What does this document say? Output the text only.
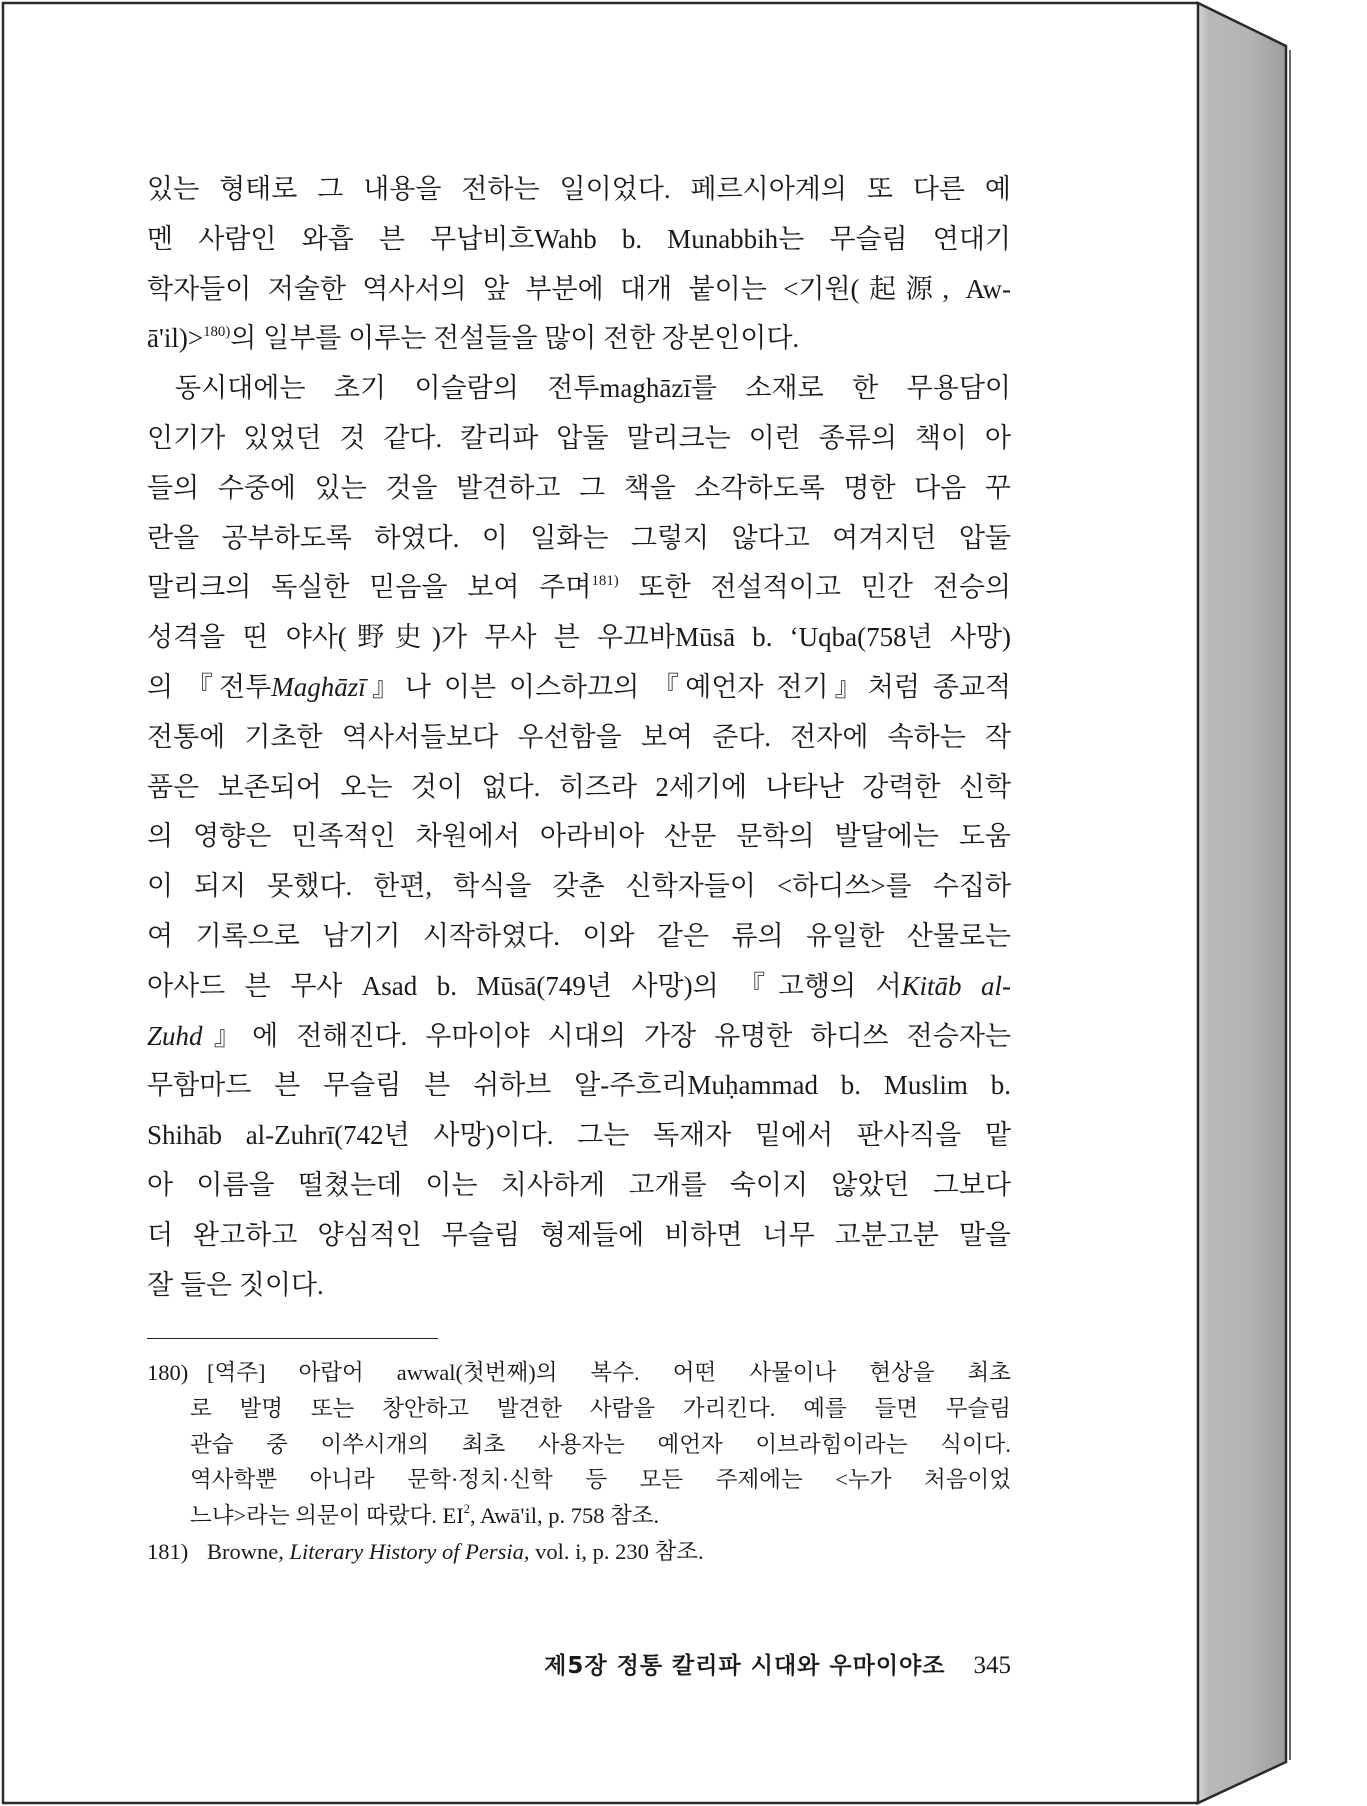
있는 형태로 그 내용을 전하는 일이었다. 페르시아계의 또 다른 예
멘 사람인 와흡 븐 무납비흐Wahb b. Munabbih는 무슬림 연대기
학자들이 저술한 역사서의 앞 부분에 대개 붙이는 <기원(起源, Aw-
ā'il)>$^{180)}$의 일부를 이루는 전설들을 많이 전한 장본인이다.
동시대에는 초기 이슬람의 전투maghāzī를 소재로 한 무용담이
인기가 있었던 것 같다. 칼리파 압둘 말리크는 이런 종류의 책이 아
들의 수중에 있는 것을 발견하고 그 책을 소각하도록 명한 다음 꾸
란을 공부하도록 하였다. 이 일화는 그렇지 않다고 여겨지던 압둘
말리크의 독실한 믿음을 보여 주며$^{181)}$ 또한 전설적이고 민간 전승의
성격을 띤 야사(野史)가 무사 븐 우끄바Mūsā b. ‘Uqba(758년 사망)
의 『전투Maghāzī』나 이븐 이스하끄의 『예언자 전기』처럼 종교적
전통에 기초한 역사서들보다 우선함을 보여 준다. 전자에 속하는 작
품은 보존되어 오는 것이 없다. 히즈라 2세기에 나타난 강력한 신학
의 영향은 민족적인 차원에서 아라비아 산문 문학의 발달에는 도움
이 되지 못했다. 한편, 학식을 갖춘 신학자들이 <하디쓰>를 수집하
여 기록으로 남기기 시작하였다. 이와 같은 류의 유일한 산물로는
아사드 븐 무사 Asad b. Mūsā(749년 사망)의 『고행의 서Kitāb al-
Zuhd』에 전해진다. 우마이야 시대의 가장 유명한 하디쓰 전승자는
무함마드 븐 무슬림 븐 쉬하브 알-주흐리Muḥammad b. Muslim b.
Shihāb al-Zuhrī(742년 사망)이다. 그는 독재자 밑에서 판사직을 맡
아 이름을 떨쳤는데 이는 치사하게 고개를 숙이지 않았던 그보다
더 완고하고 양심적인 무슬림 형제들에 비하면 너무 고분고분 말을
잘 들은 짓이다.
180) [역주] 아랍어 awwal(첫번째)의 복수. 어떤 사물이나 현상을 최초
로 발명 또는 창안하고 발견한 사람을 가리킨다. 예를 들면 무슬림
관습 중 이쑤시개의 최초 사용자는 예언자 이브라힘이라는 식이다.
역사학뿐 아니라 문학·정치·신학 등 모든 주제에는 <누가 처음이었
느냐>라는 의문이 따랐다. $EI^2$, Awā'il, p. 758 참조.
181) Browne, Literary History of Persia, vol. i, p. 230 참조.
제5장 정통 칼리파 시대와 우마이야조 345
